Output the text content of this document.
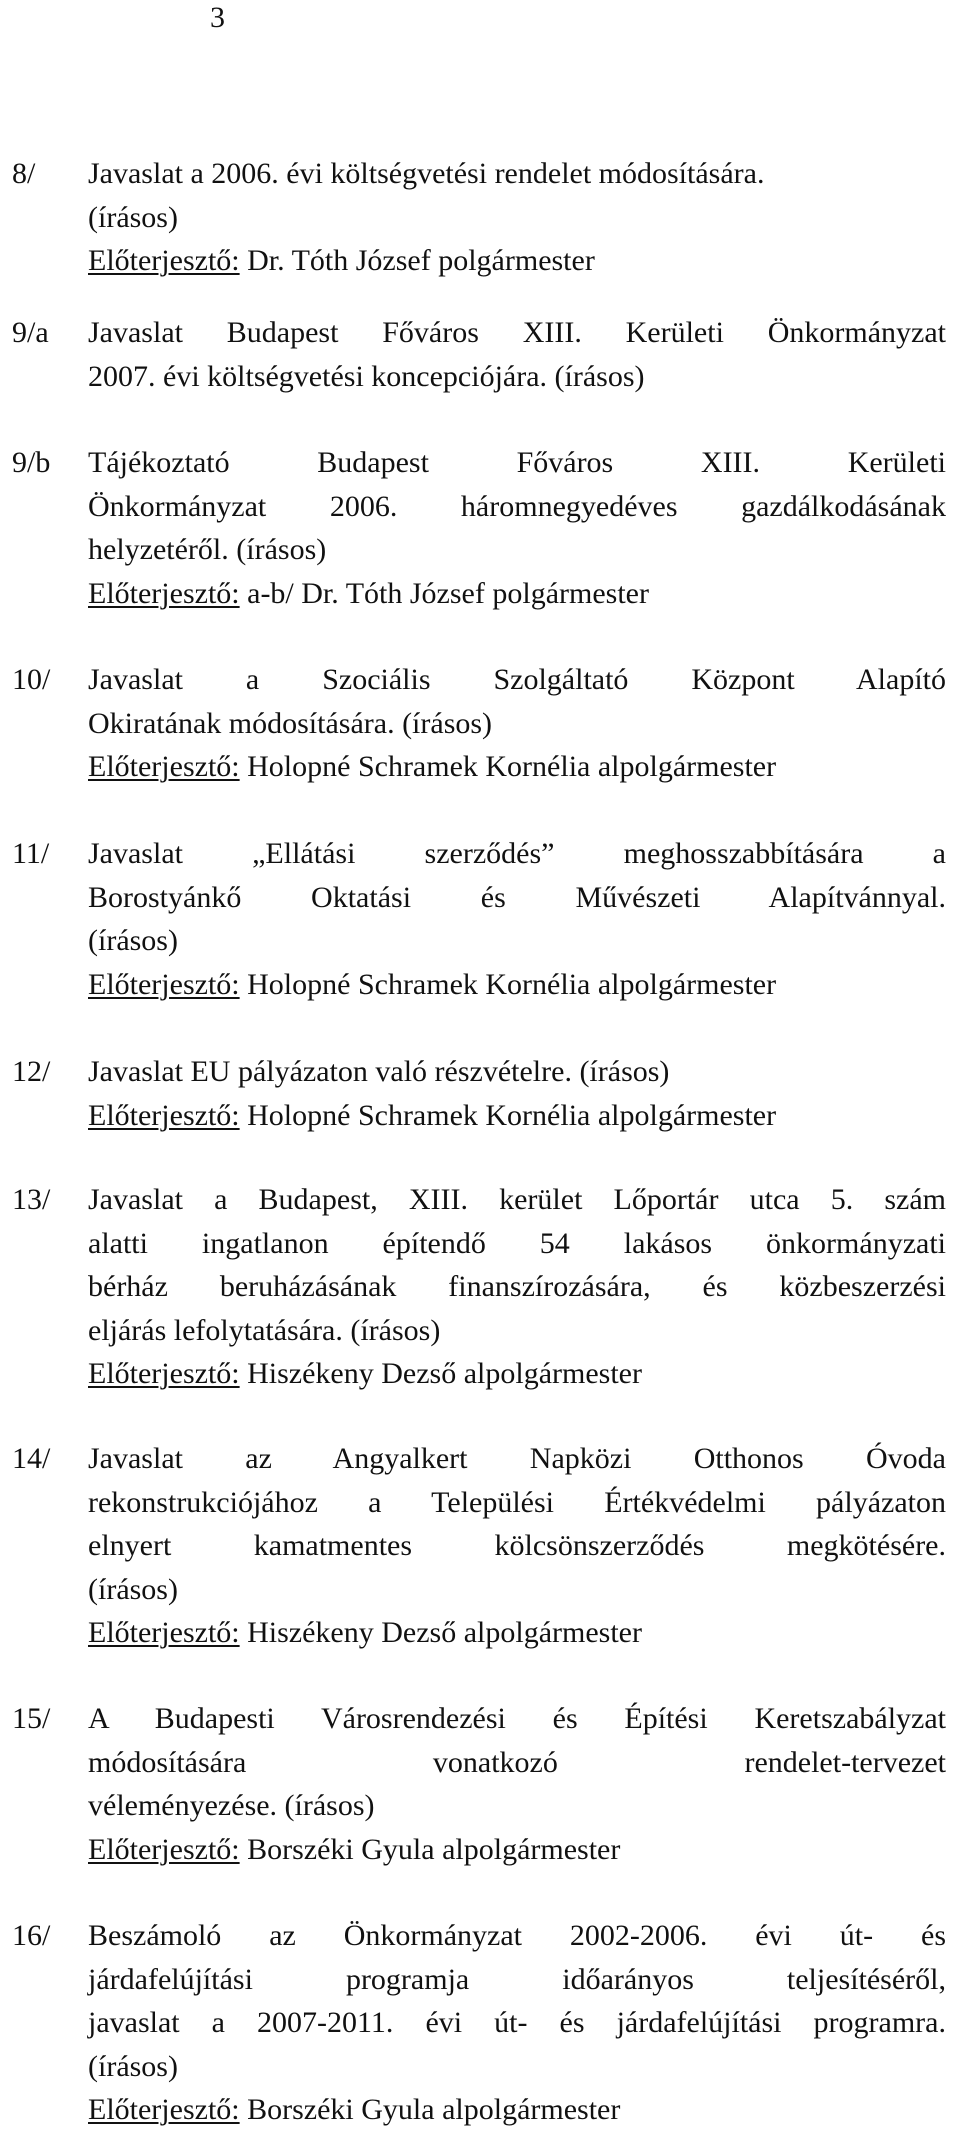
3
8/	Javaslat a 2006. évi költségvetési rendelet módosítására.
(írásos)
Előterjesztő: Dr. Tóth József polgármester
9/a	Javaslat Budapest Főváros XIII. Kerületi Önkormányzat
2007. évi költségvetési koncepciójára. (írásos)
9/b	Tájékoztató Budapest Főváros XIII. Kerületi
Önkormányzat 2006. háromnegyedéves gazdálkodásának
helyzetéről. (írásos)
Előterjesztő: a-b/ Dr. Tóth József polgármester
10/	Javaslat a Szociális Szolgáltató Központ Alapító
Okiratának módosítására. (írásos)
Előterjesztő: Holopné Schramek Kornélia alpolgármester
11/	Javaslat „Ellátási szerződés” meghosszabbítására a
Borostyánkő Oktatási és Művészeti Alapítvánnyal.
(írásos)
Előterjesztő: Holopné Schramek Kornélia alpolgármester
12/	Javaslat EU pályázaton való részvételre. (írásos)
Előterjesztő: Holopné Schramek Kornélia alpolgármester
13/	Javaslat a Budapest, XIII. kerület Lőportár utca 5. szám
alatti ingatlanon építendő 54 lakásos önkormányzati
bérház beruházásának finanszírozására, és közbeszerzési
eljárás lefolytatására. (írásos)
Előterjesztő: Hiszékeny Dezső alpolgármester
14/	Javaslat az Angyalkert Napközi Otthonos Óvoda
rekonstrukciójához a Települési Értékvédelmi pályázaton
elnyert kamatmentes kölcsönszerződés megkötésére.
(írásos)
Előterjesztő: Hiszékeny Dezső alpolgármester
15/	A Budapesti Városrendezési és Építési Keretszabályzat
módosítására vonatkozó rendelet-tervezet
véleményezése. (írásos)
Előterjesztő: Borszéki Gyula alpolgármester
16/	Beszámoló az Önkormányzat 2002-2006. évi út- és
járdafelújítási programja időarányos teljesítéséről,
javaslat a 2007-2011. évi út- és járdafelújítási programra.
(írásos)
Előterjesztő: Borszéki Gyula alpolgármester
